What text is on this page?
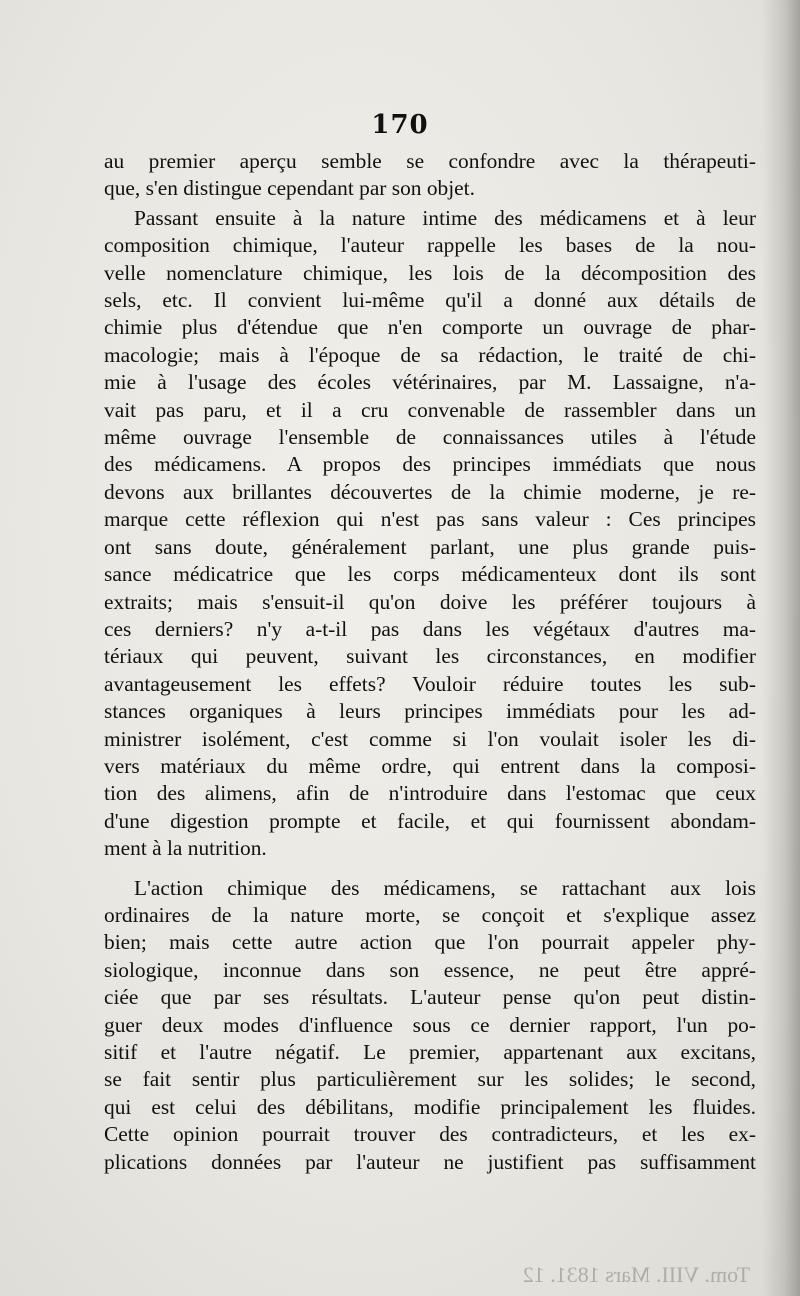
170

au premier aperçu semble se confondre avec la thérapeuti-
que, s'en distingue cependant par son objet.

Passant ensuite à la nature intime des médicamens et à leur
composition chimique, l'auteur rappelle les bases de la nou-
velle nomenclature chimique, les lois de la décomposition des
sels, etc. Il convient lui-même qu'il a donné aux détails de
chimie plus d'étendue que n'en comporte un ouvrage de phar-
macologie; mais à l'époque de sa rédaction, le traité de chi-
mie à l'usage des écoles vétérinaires, par M. Lassaigne, n'a-
vait pas paru, et il a cru convenable de rassembler dans un
même ouvrage l'ensemble de connaissances utiles à l'étude
des médicamens. A propos des principes immédiats que nous
devons aux brillantes découvertes de la chimie moderne, je re-
marque cette réflexion qui n'est pas sans valeur : Ces principes
ont sans doute, généralement parlant, une plus grande puis-
sance médicatrice que les corps médicamenteux dont ils sont
extraits; mais s'ensuit-il qu'on doive les préférer toujours à
ces derniers? n'y a-t-il pas dans les végétaux d'autres ma-
tériaux qui peuvent, suivant les circonstances, en modifier
avantageusement les effets? Vouloir réduire toutes les sub-
stances organiques à leurs principes immédiats pour les ad-
ministrer isolément, c'est comme si l'on voulait isoler les di-
vers matériaux du même ordre, qui entrent dans la composi-
tion des alimens, afin de n'introduire dans l'estomac que ceux
d'une digestion prompte et facile, et qui fournissent abondam-
ment à la nutrition.

L'action chimique des médicamens, se rattachant aux lois
ordinaires de la nature morte, se conçoit et s'explique assez
bien; mais cette autre action que l'on pourrait appeler phy-
siologique, inconnue dans son essence, ne peut être appré-
ciée que par ses résultats. L'auteur pense qu'on peut distin-
guer deux modes d'influence sous ce dernier rapport, l'un po-
sitif et l'autre négatif. Le premier, appartenant aux excitans,
se fait sentir plus particulièrement sur les solides; le second,
qui est celui des débilitans, modifie principalement les fluides.
Cette opinion pourrait trouver des contradicteurs, et les ex-
plications données par l'auteur ne justifient pas suffisamment

Tom. VIII. Mars 1831. 12
